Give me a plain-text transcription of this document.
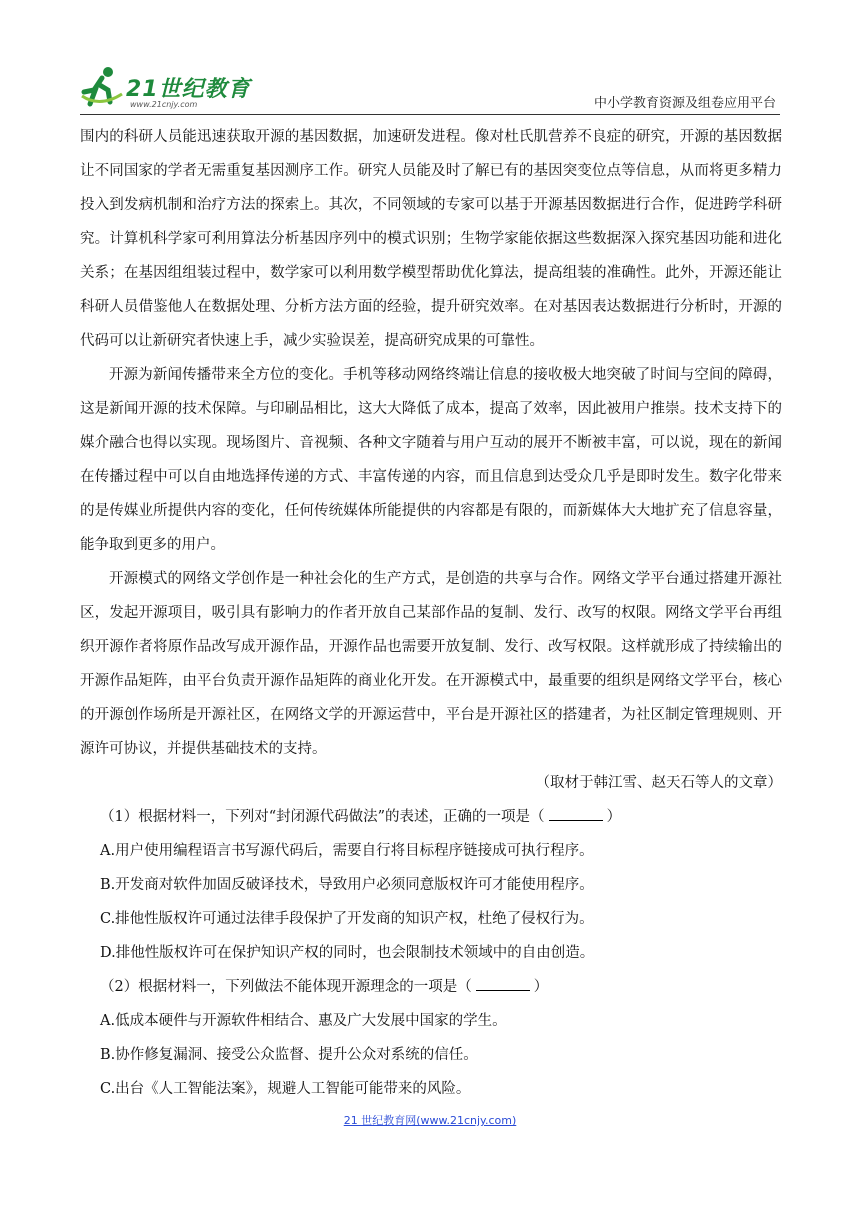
21世纪教育
www.21cnjy.com	中小学教育资源及组卷应用平台

围内的科研人员能迅速获取开源的基因数据，加速研发进程。像对杜氏肌营养不良症的研究，开源的基因数据让不同国家的学者无需重复基因测序工作。研究人员能及时了解已有的基因突变位点等信息，从而将更多精力投入到发病机制和治疗方法的探索上。其次，不同领域的专家可以基于开源基因数据进行合作，促进跨学科研究。计算机科学家可利用算法分析基因序列中的模式识别；生物学家能依据这些数据深入探究基因功能和进化关系；在基因组组装过程中，数学家可以利用数学模型帮助优化算法，提高组装的准确性。此外，开源还能让科研人员借鉴他人在数据处理、分析方法方面的经验，提升研究效率。在对基因表达数据进行分析时，开源的代码可以让新研究者快速上手，减少实验误差，提高研究成果的可靠性。

开源为新闻传播带来全方位的变化。手机等移动网络终端让信息的接收极大地突破了时间与空间的障碍，这是新闻开源的技术保障。与印刷品相比，这大大降低了成本，提高了效率，因此被用户推崇。技术支持下的媒介融合也得以实现。现场图片、音视频、各种文字随着与用户互动的展开不断被丰富，可以说，现在的新闻在传播过程中可以自由地选择传递的方式、丰富传递的内容，而且信息到达受众几乎是即时发生。数字化带来的是传媒业所提供内容的变化，任何传统媒体所能提供的内容都是有限的，而新媒体大大地扩充了信息容量，能争取到更多的用户。

开源模式的网络文学创作是一种社会化的生产方式，是创造的共享与合作。网络文学平台通过搭建开源社区，发起开源项目，吸引具有影响力的作者开放自己某部作品的复制、发行、改写的权限。网络文学平台再组织开源作者将原作品改写成开源作品，开源作品也需要开放复制、发行、改写权限。这样就形成了持续输出的开源作品矩阵，由平台负责开源作品矩阵的商业化开发。在开源模式中，最重要的组织是网络文学平台，核心的开源创作场所是开源社区，在网络文学的开源运营中，平台是开源社区的搭建者，为社区制定管理规则、开源许可协议，并提供基础技术的支持。

（取材于韩江雪、赵天石等人的文章）

（1）根据材料一，下列对“封闭源代码做法”的表述，正确的一项是（	）

A.用户使用编程语言书写源代码后，需要自行将目标程序链接成可执行程序。

B.开发商对软件加固反破译技术，导致用户必须同意版权许可才能使用程序。

C.排他性版权许可通过法律手段保护了开发商的知识产权，杜绝了侵权行为。

D.排他性版权许可在保护知识产权的同时，也会限制技术领域中的自由创造。

（2）根据材料一，下列做法不能体现开源理念的一项是（	）

A.低成本硬件与开源软件相结合、惠及广大发展中国家的学生。

B.协作修复漏洞、接受公众监督、提升公众对系统的信任。

C.出台《人工智能法案》，规避人工智能可能带来的风险。

21 世纪教育网(www.21cnjy.com)
